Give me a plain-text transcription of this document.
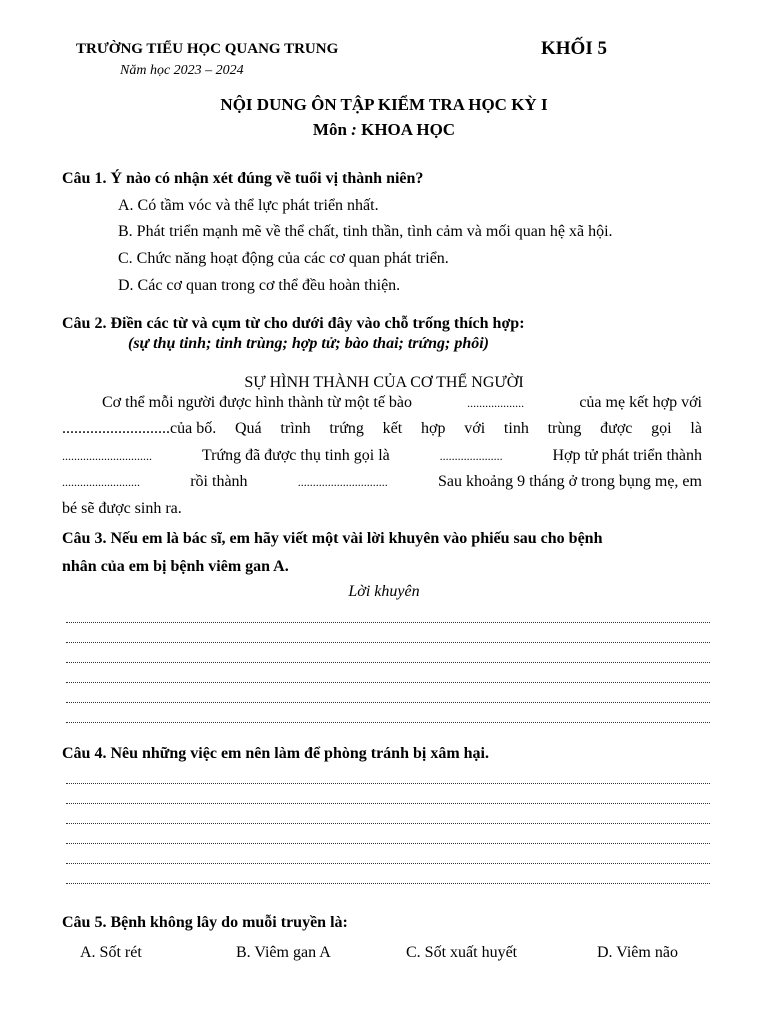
TRƯỜNG TIỂU HỌC QUANG TRUNG	KHỐI 5
Năm học 2023 – 2024
NỘI DUNG ÔN TẬP KIỂM TRA HỌC KỲ I
Môn : KHOA HỌC
Câu 1. Ý nào có nhận xét đúng về tuổi vị thành niên?
A. Có tầm vóc và thể lực phát triển nhất.
B. Phát triển mạnh mẽ về thể chất, tinh thần, tình cảm và mối quan hệ xã hội.
C. Chức năng hoạt động của các cơ quan phát triển.
D. Các cơ quan trong cơ thể đều hoàn thiện.
Câu 2. Điền các từ và cụm từ cho dưới đây vào chỗ trống thích hợp:
(sự thụ tinh; tinh trùng; hợp tử; bào thai; trứng; phôi)
SỰ HÌNH THÀNH CỦA CƠ THỂ NGƯỜI
Cơ thể mỗi người được hình thành từ một tế bào	...................	của mẹ kết hợp với
...........................của bố. Quá trình trứng kết hợp với tinh trùng được gọi là
..............................	Trứng đã được thụ tinh gọi là	.....................	Hợp tử phát triển thành
..........................	rồi thành	..............................	Sau khoảng 9 tháng ở trong bụng mẹ, em
bé sẽ được sinh ra.
Câu 3. Nếu em là bác sĩ, em hãy viết một vài lời khuyên vào phiếu sau cho bệnh
nhân của em bị bệnh viêm gan A.
Lời khuyên
Câu 4. Nêu những việc em nên làm để phòng tránh bị xâm hại.
Câu 5. Bệnh không lây do muỗi truyền là:
A. Sốt rét	B. Viêm gan A	C. Sốt xuất huyết	D. Viêm não
